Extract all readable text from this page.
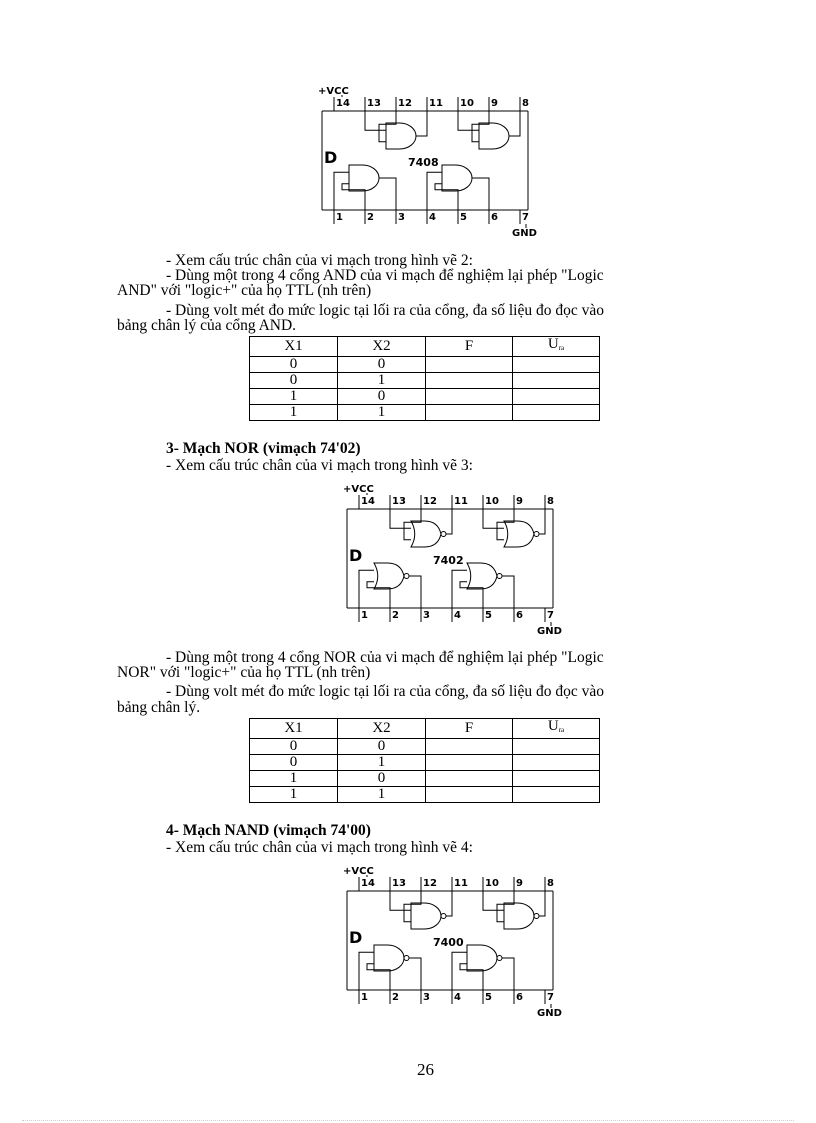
+VCC
GND
D	7408
14
1
13
2
12
3
11
4
10
5
9
6
8
7
- Xem cấu trúc chân của vi mạch trong hình vẽ 2:
- Dùng một trong 4 cổng AND của vi mạch để nghiệm lại phép "Logic
AND" với "logic+" của họ TTL (nh trên)
- Dùng volt mét đo mức logic tại lối ra của cổng, đa số liệu đo đọc vào
bảng chân lý của cổng AND.
X1	X2	F	$U_{ra}$
0	0		
0	1		
1	0		
1	1		
3- Mạch NOR (vimạch 74'02)
- Xem cấu trúc chân của vi mạch trong hình vẽ 3:
+VCC
GND
D	7402
14
1
13
2
12
3
11
4
10
5
9
6
8
7
- Dùng một trong 4 cổng NOR của vi mạch để nghiệm lại phép "Logic
NOR" với "logic+" của họ TTL (nh trên)
- Dùng volt mét đo mức logic tại lối ra của cổng, đa số liệu đo đọc vào
bảng chân lý.
X1	X2	F	$U_{ra}$
0	0		
0	1		
1	0		
1	1		
4- Mạch NAND (vimạch 74'00)
- Xem cấu trúc chân của vi mạch trong hình vẽ 4:
+VCC
GND
D	7400
14
1
13
2
12
3
11
4
10
5
9
6
8
7
26
